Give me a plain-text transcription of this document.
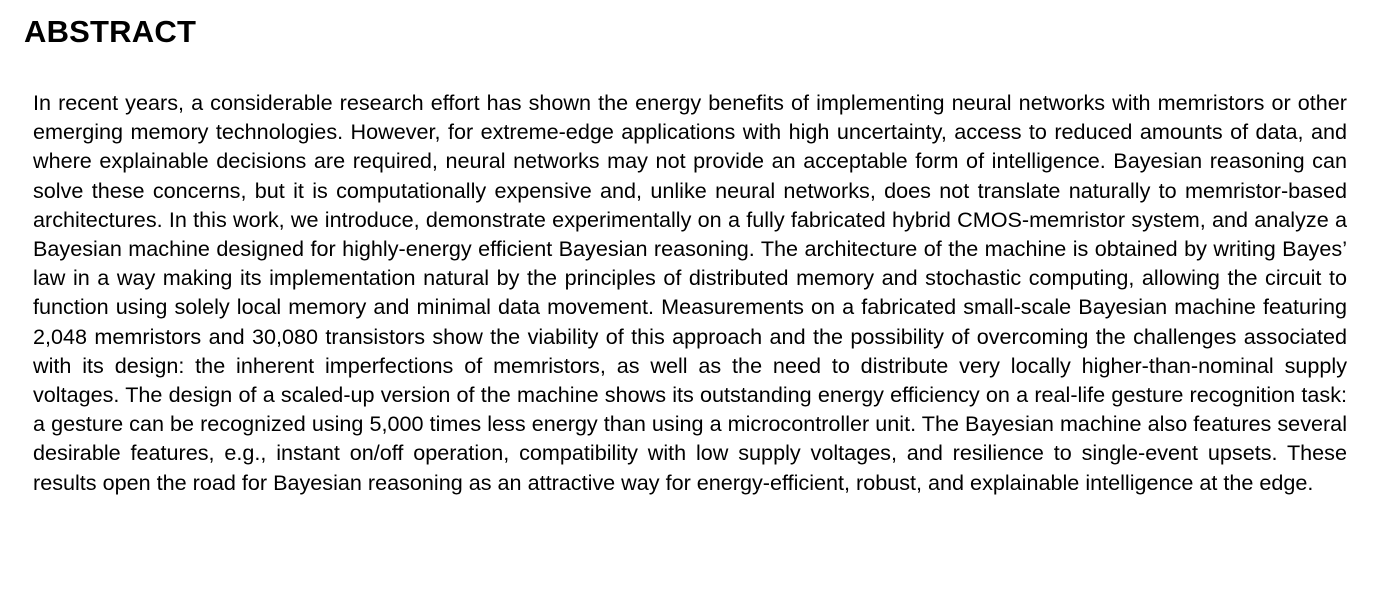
ABSTRACT

In recent years, a considerable research effort has shown the energy benefits of implementing neural networks with memristors or other emerging memory technologies. However, for extreme-edge applications with high uncertainty, access to reduced amounts of data, and where explainable decisions are required, neural networks may not provide an acceptable form of intelligence. Bayesian reasoning can solve these concerns, but it is computationally expensive and, unlike neural networks, does not translate naturally to memristor-based architectures. In this work, we introduce, demonstrate experimentally on a fully fabricated hybrid CMOS-memristor system, and analyze a Bayesian machine designed for highly-energy efficient Bayesian reasoning. The architecture of the machine is obtained by writing Bayes’ law in a way making its implementation natural by the principles of distributed memory and stochastic computing, allowing the circuit to function using solely local memory and minimal data movement. Measurements on a fabricated small-scale Bayesian machine featuring 2,048 memristors and 30,080 transistors show the viability of this approach and the possibility of overcoming the challenges associated with its design: the inherent imperfections of memristors, as well as the need to distribute very locally higher-than-nominal supply voltages. The design of a scaled-up version of the machine shows its outstanding energy efficiency on a real-life gesture recognition task: a gesture can be recognized using 5,000 times less energy than using a microcontroller unit. The Bayesian machine also features several desirable features, e.g., instant on/off operation, compatibility with low supply voltages, and resilience to single-event upsets. These results open the road for Bayesian reasoning as an attractive way for energy-efficient, robust, and explainable intelligence at the edge.
